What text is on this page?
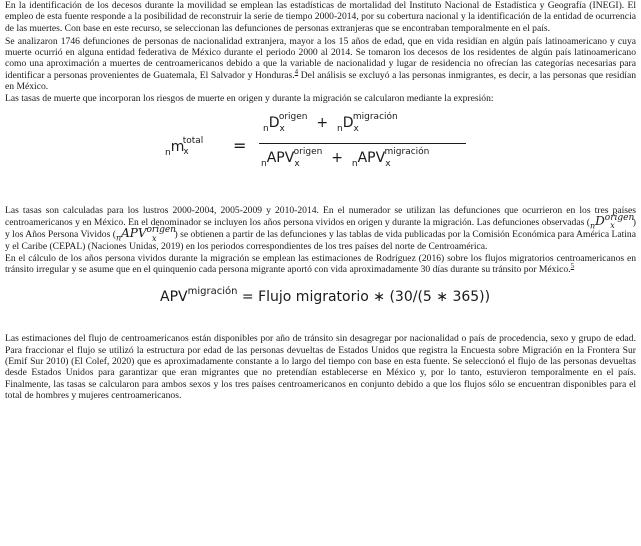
En la identificación de los decesos durante la movilidad se emplean las estadísticas de mortalidad del Instituto Nacional de Estadística y Geografía (INEGI). El empleo de esta fuente responde a la posibilidad de reconstruir la serie de tiempo 2000-2014, por su cobertura nacional y la identificación de la entidad de ocurrencia de las muertes. Con base en este recurso, se seleccionan las defunciones de personas extranjeras que se encontraban temporalmente en el país.

Se analizaron 1746 defunciones de personas de nacionalidad extranjera, mayor a los 15 años de edad, que en vida residían en algún país latinoamericano y cuya muerte ocurrió en alguna entidad federativa de México durante el periodo 2000 al 2014. Se tomaron los decesos de los residentes de algún país latinoamericano como una aproximación a muertes de centroamericanos debido a que la variable de nacionalidad y lugar de residencia no ofrecían las categorías necesarias para identificar a personas provenientes de Guatemala, El Salvador y Honduras.$^4$ Del análisis se excluyó a las personas inmigrantes, es decir, a las personas que residían en México.

Las tasas de muerte que incorporan los riesgos de muerte en origen y durante la migración se calcularon mediante la expresión:

$_nm_x^{total}$ =
$_nD_x^{origen} + _nD_x^{migración}$
$_nAPV_x^{origen} + _nAPV_x^{migración}$

Las tasas son calculadas para los lustros 2000-2004, 2005-2009 y 2010-2014. En el numerador se utilizan las defunciones que ocurrieron en los tres países centroamericanos y en México. En el denominador se incluyen los años persona vividos en origen y durante la migración. Las defunciones observadas ($_nD^{origen}_x$ ) y los Años Persona Vividos ($_nAPV^{origen}_x$ ) se obtienen a partir de las defunciones y las tablas de vida publicadas por la Comisión Económica para América Latina y el Caribe (CEPAL) (Naciones Unidas, 2019) en los periodos correspondientes de los tres países del norte de Centroamérica.

En el cálculo de los años persona vividos durante la migración se emplean las estimaciones de Rodríguez (2016) sobre los flujos migratorios centroamericanos en tránsito irregular y se asume que en el quinquenio cada persona migrante aportó con vida aproximadamente 30 días durante su tránsito por México.$^5$

$APV^{migración}$ = Flujo migratorio ∗ (30/(5 ∗ 365))

Las estimaciones del flujo de centroamericanos están disponibles por año de tránsito sin desagregar por nacionalidad o país de procedencia, sexo y grupo de edad. Para fraccionar el flujo se utilizó la estructura por edad de las personas devueltas de Estados Unidos que registra la Encuesta sobre Migración en la Frontera Sur (Emif Sur 2010) (El Colef, 2020) que es aproximadamente constante a lo largo del tiempo con base en esta fuente. Se seleccionó el flujo de las personas devueltas desde Estados Unidos para garantizar que eran migrantes que no pretendían establecerse en México y, por lo tanto, estuvieron temporalmente en el país. Finalmente, las tasas se calcularon para ambos sexos y los tres países centroamericanos en conjunto debido a que los flujos sólo se encuentran disponibles para el total de hombres y mujeres centroamericanos.
